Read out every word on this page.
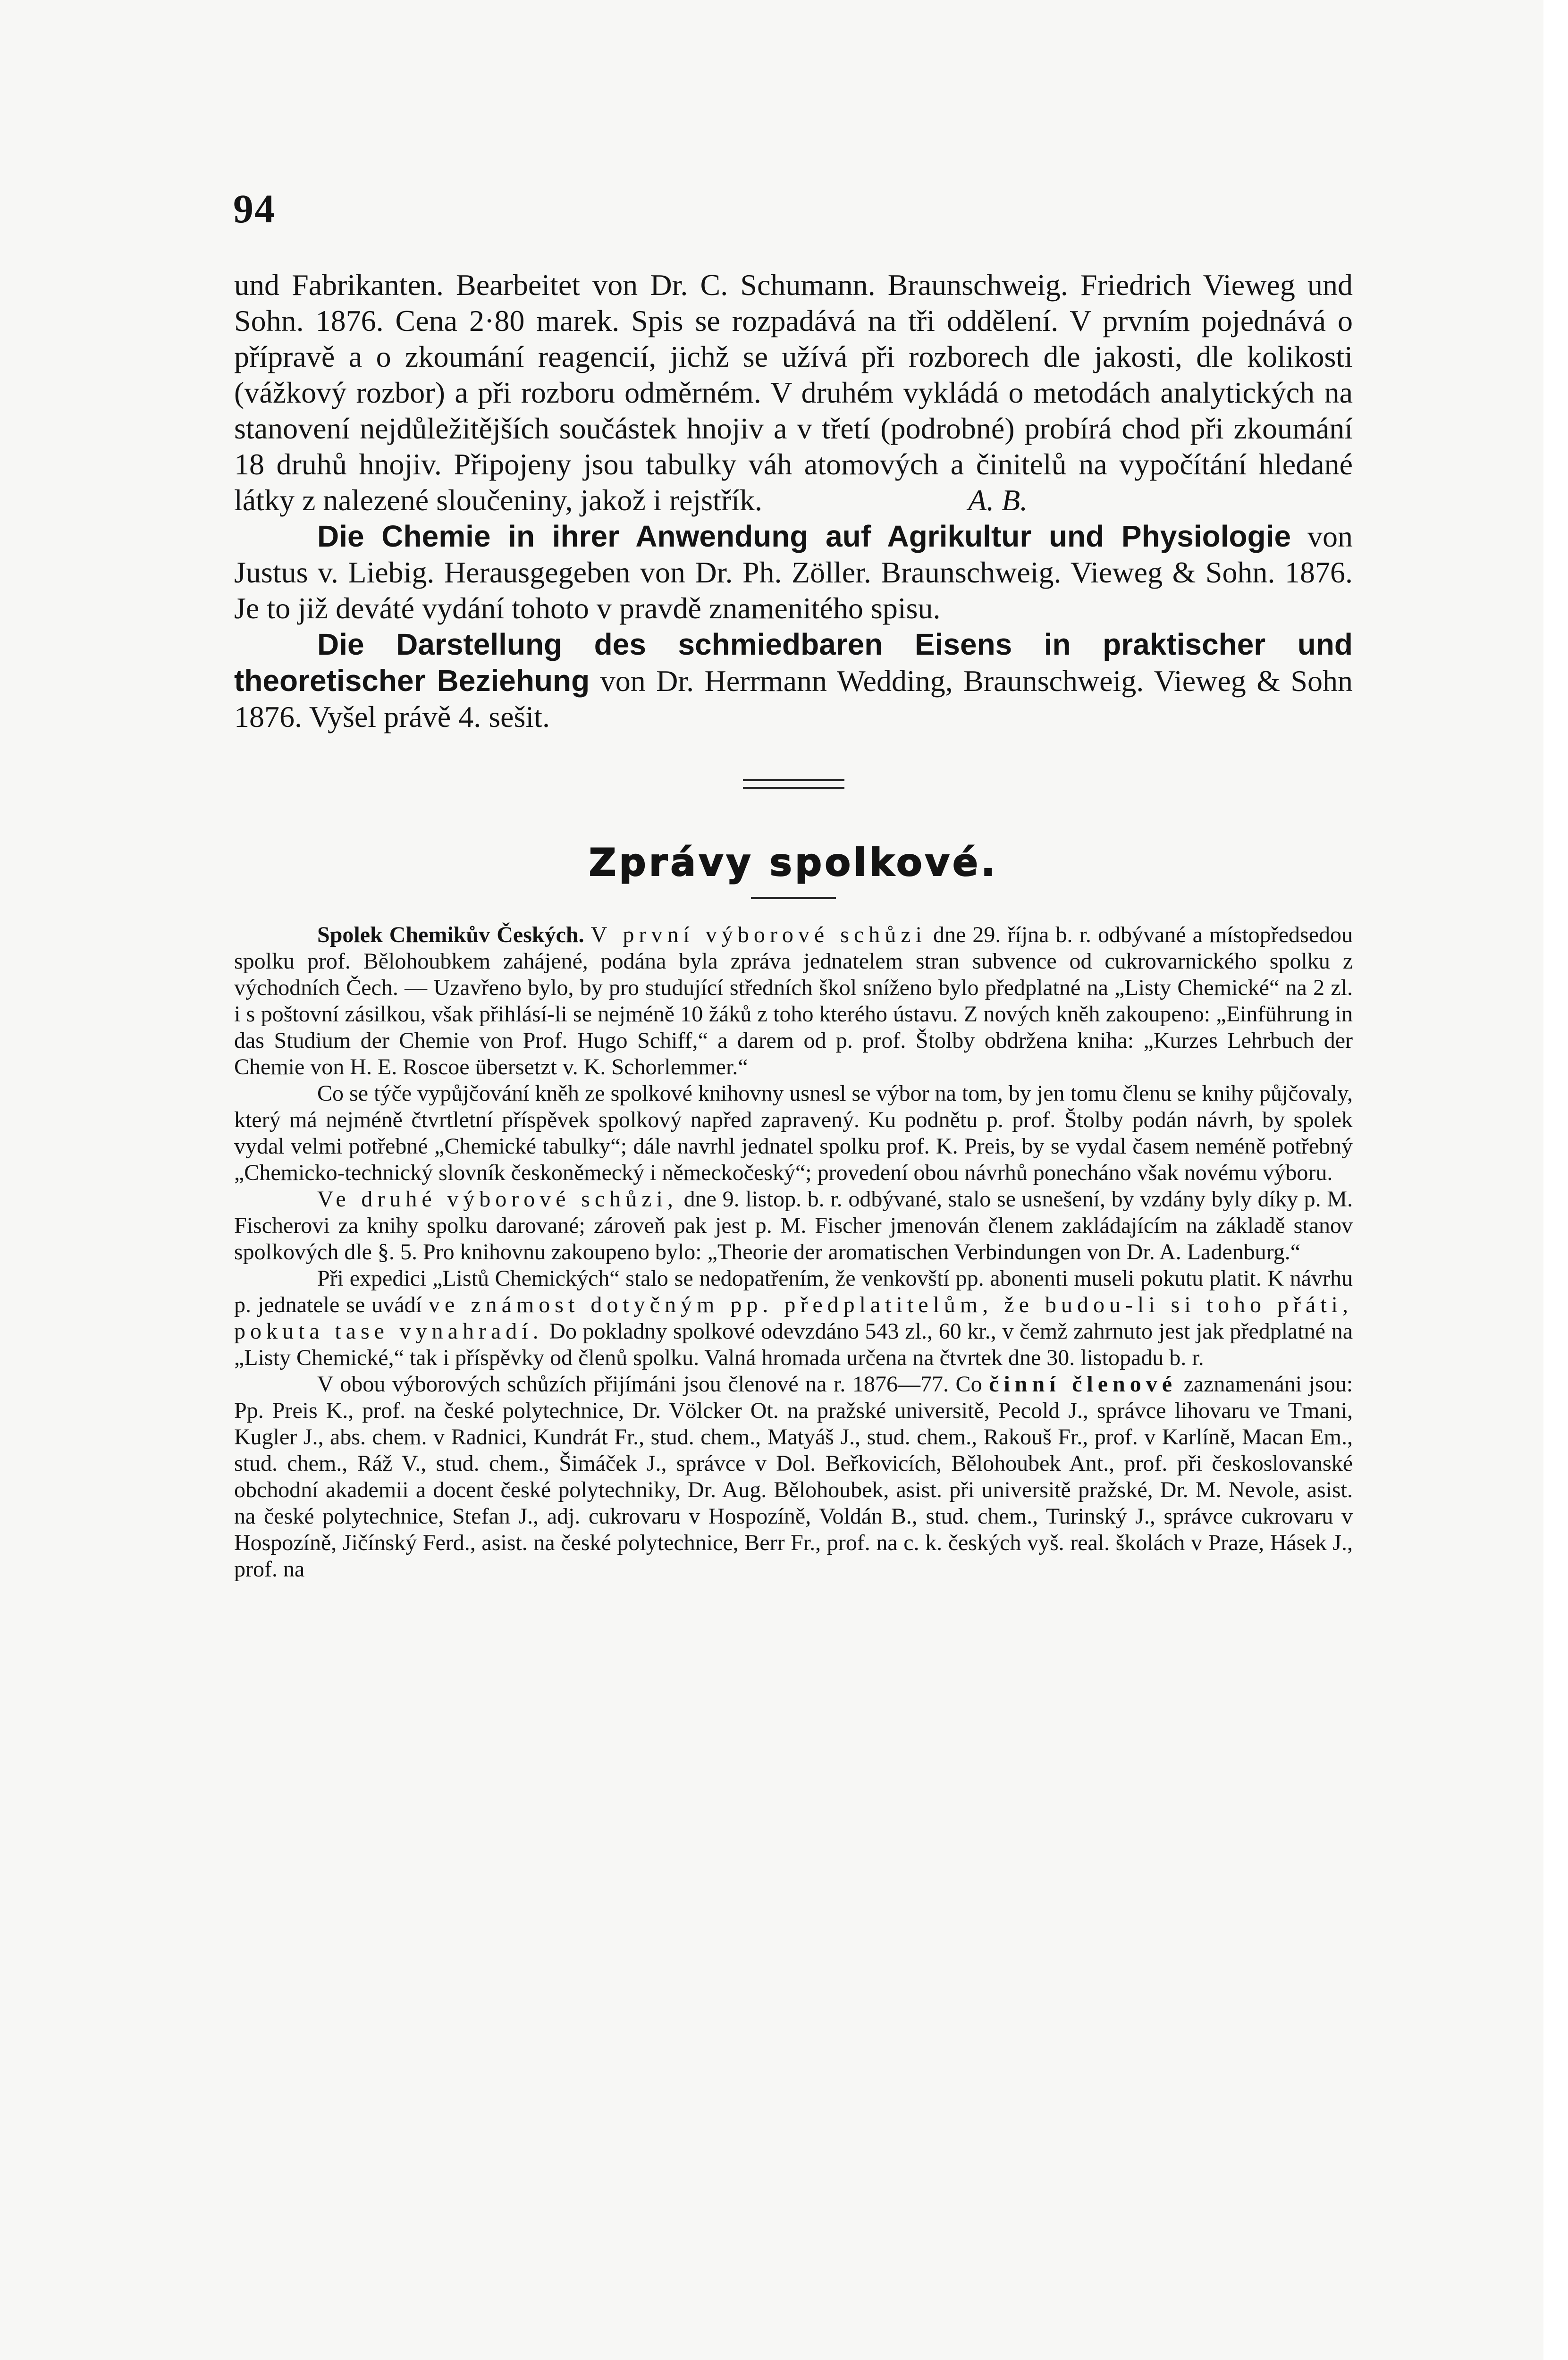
94

und Fabrikanten. Bearbeitet von Dr. C. Schumann. Braunschweig. Friedrich Vieweg und Sohn. 1876. Cena 2·80 marek. Spis se rozpadává na tři oddělení. V prvním pojednává o přípravě a o zkoumání reagencií, jichž se užívá při rozborech dle jakosti, dle kolikosti (vážkový rozbor) a při rozboru odměrném. V druhém vykládá o metodách analytických na stanovení nejdůležitějších součástek hnojiv a v třetí (podrobné) probírá chod při zkoumání 18 druhů hnojiv. Připojeny jsou tabulky váh atomových a činitelů na vypočítání hledané látky z nalezené sloučeniny, jakož i rejstřík.	A. B.

Die Chemie in ihrer Anwendung auf Agrikultur und Physiologie von Justus v. Liebig. Herausgegeben von Dr. Ph. Zöller. Braunschweig. Vieweg & Sohn. 1876. Je to již deváté vydání tohoto v pravdě znamenitého spisu.

Die Darstellung des schmiedbaren Eisens in praktischer und theoretischer Beziehung von Dr. Herrmann Wedding, Braunschweig. Vieweg & Sohn 1876. Vyšel právě 4. sešit.

Zprávy spolkové.

Spolek Chemikův Českých. V první výborové schůzi dne 29. října b. r. odbývané a místopředsedou spolku prof. Bělohoubkem zahájené, podána byla zpráva jednatelem stran subvence od cukrovarnického spolku z východních Čech. — Uzavřeno bylo, by pro studující středních škol sníženo bylo předplatné na „Listy Chemické“ na 2 zl. i s poštovní zásilkou, však přihlásí-li se nejméně 10 žáků z toho kterého ústavu. Z nových kněh zakoupeno: „Einführung in das Studium der Chemie von Prof. Hugo Schiff,“ a darem od p. prof. Štolby obdržena kniha: „Kurzes Lehrbuch der Chemie von H. E. Roscoe übersetzt v. K. Schorlemmer.“

Co se týče vypůjčování kněh ze spolkové knihovny usnesl se výbor na tom, by jen tomu členu se knihy půjčovaly, který má nejméně čtvrtletní příspěvek spolkový napřed zapravený. Ku podnětu p. prof. Štolby podán návrh, by spolek vydal velmi potřebné „Chemické tabulky“; dále navrhl jednatel spolku prof. K. Preis, by se vydal časem neméně potřebný „Chemicko-technický slovník českoněmecký i německočeský“; provedení obou návrhů ponecháno však novému výboru.

Ve druhé výborové schůzi, dne 9. listop. b. r. odbývané, stalo se usnešení, by vzdány byly díky p. M. Fischerovi za knihy spolku darované; zároveň pak jest p. M. Fischer jmenován členem zakládajícím na základě stanov spolkových dle §. 5. Pro knihovnu zakoupeno bylo: „Theorie der aromatischen Verbindungen von Dr. A. Ladenburg.“

Při expedici „Listů Chemických“ stalo se nedopatřením, že venkovští pp. abonenti museli pokutu platit. K návrhu p. jednatele se uvádí ve známost dotyčným pp. předplatitelům, že budou-li si toho přáti, pokuta tase vynahradí. Do pokladny spolkové odevzdáno 543 zl., 60 kr., v čemž zahrnuto jest jak předplatné na „Listy Chemické,“ tak i příspěvky od členů spolku. Valná hromada určena na čtvrtek dne 30. listopadu b. r.

V obou výborových schůzích přijímáni jsou členové na r. 1876—77. Co činní členové zaznamenáni jsou: Pp. Preis K., prof. na české polytechnice, Dr. Völcker Ot. na pražské universitě, Pecold J., správce lihovaru ve Tmani, Kugler J., abs. chem. v Radnici, Kundrát Fr., stud. chem., Matyáš J., stud. chem., Rakouš Fr., prof. v Karlíně, Macan Em., stud. chem., Ráž V., stud. chem., Šimáček J., správce v Dol. Beřkovicích, Bělohoubek Ant., prof. při českoslovanské obchodní akademii a docent české polytechniky, Dr. Aug. Bělohoubek, asist. při universitě pražské, Dr. M. Nevole, asist. na české polytechnice, Stefan J., adj. cukrovaru v Hospozíně, Voldán B., stud. chem., Turinský J., správce cukrovaru v Hospozíně, Jičínský Ferd., asist. na české polytechnice, Berr Fr., prof. na c. k. českých vyš. real. školách v Praze, Hásek J., prof. na
